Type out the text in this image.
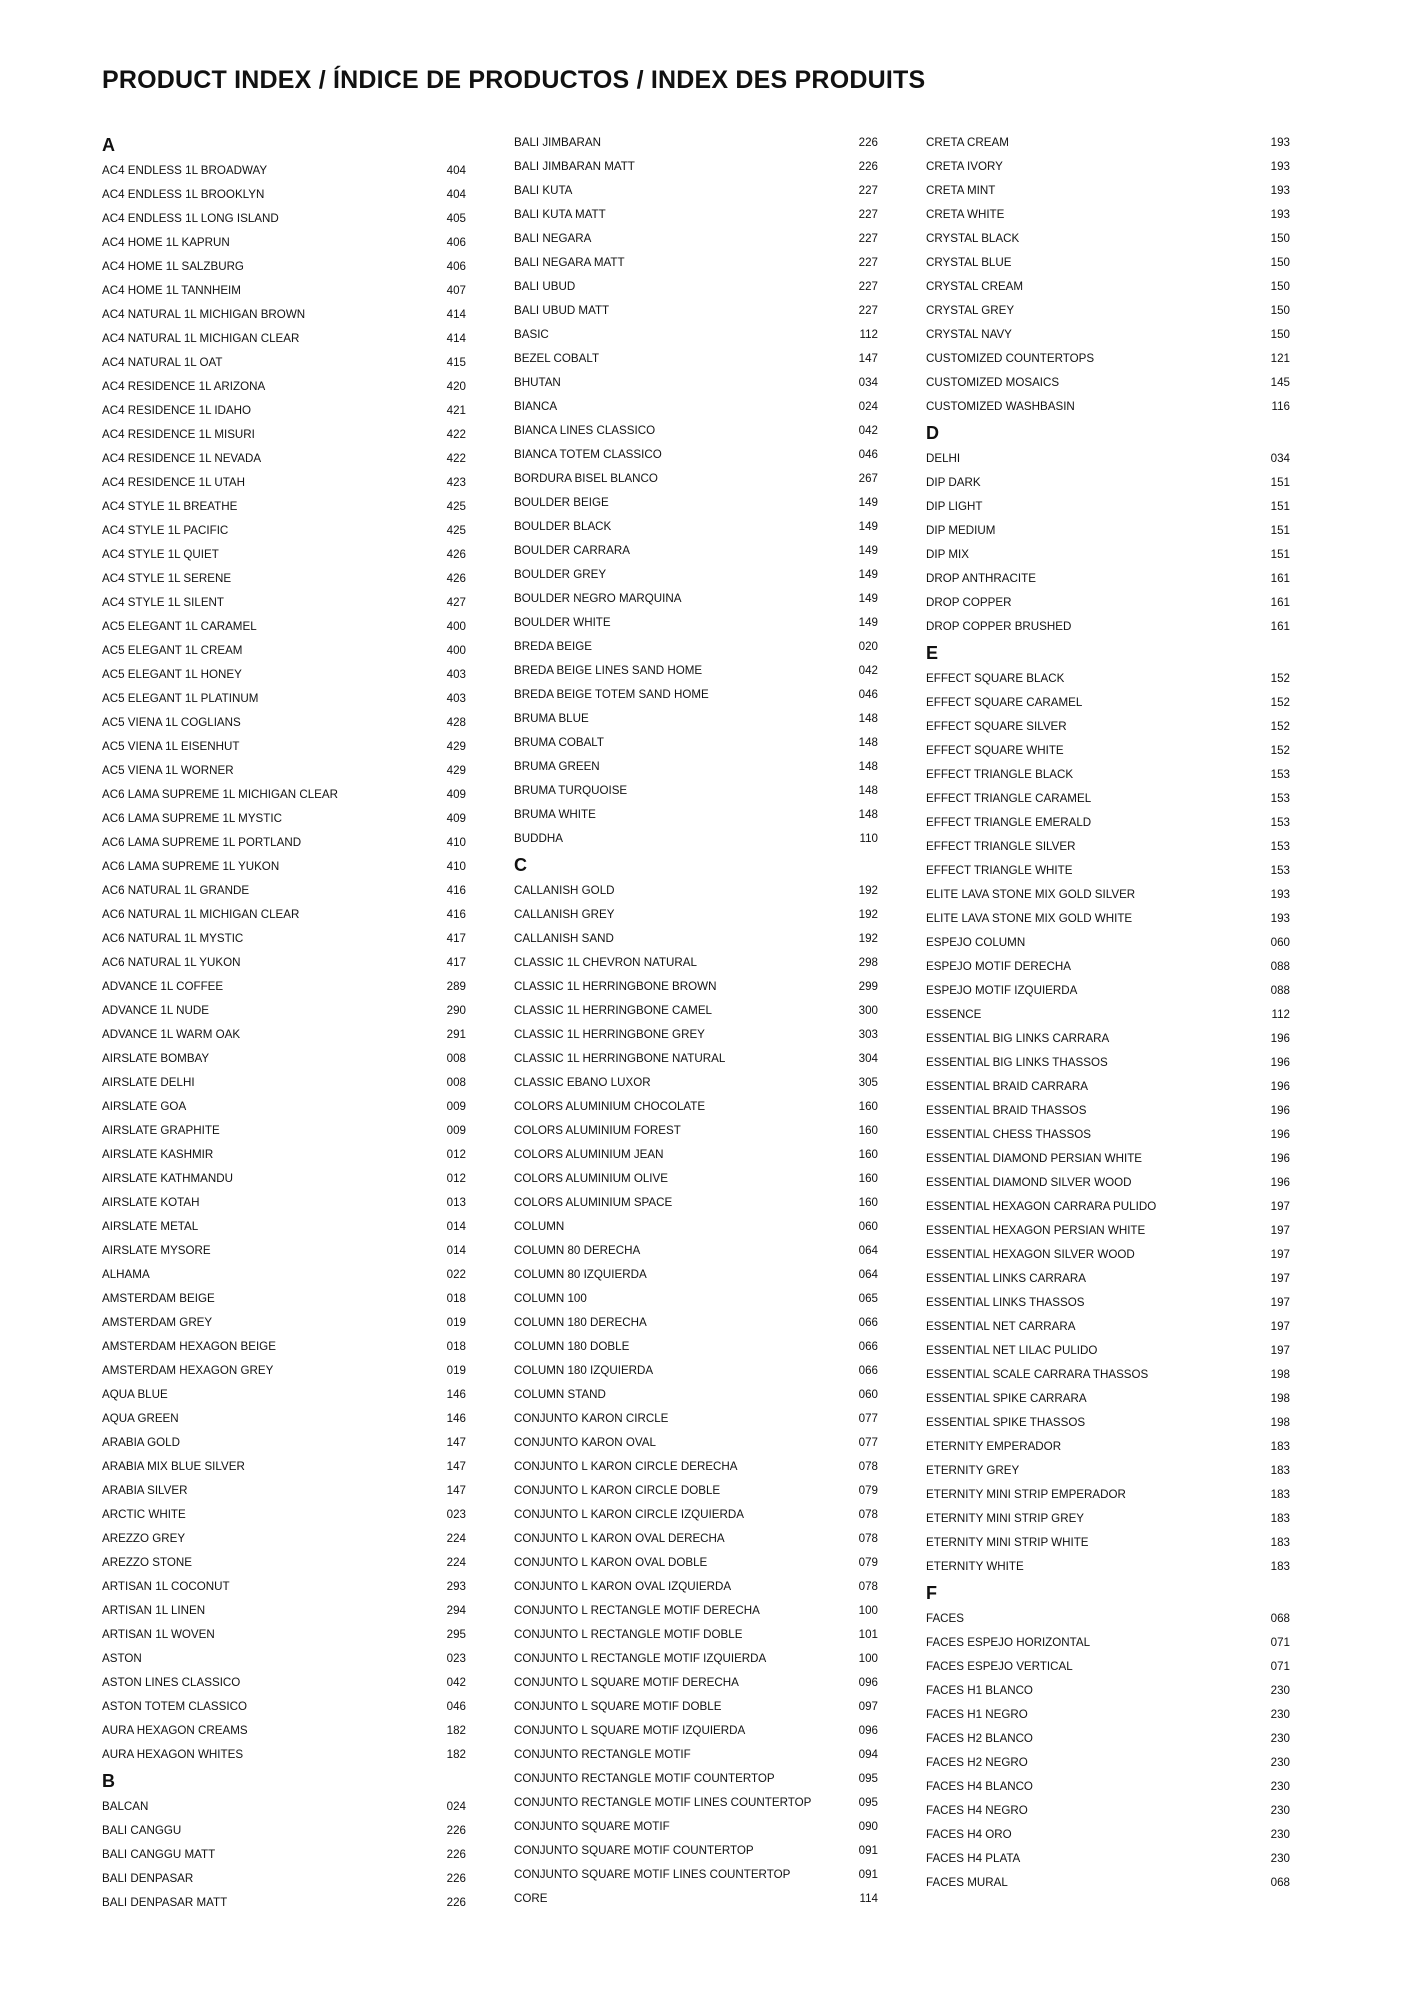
PRODUCT INDEX / ÍNDICE DE PRODUCTOS / INDEX DES PRODUITS
A
AC4 ENDLESS 1L BROADWAY	404
AC4 ENDLESS 1L BROOKLYN	404
AC4 ENDLESS 1L LONG ISLAND	405
AC4 HOME 1L KAPRUN	406
AC4 HOME 1L SALZBURG	406
AC4 HOME 1L TANNHEIM	407
AC4 NATURAL 1L MICHIGAN BROWN	414
AC4 NATURAL 1L MICHIGAN CLEAR	414
AC4 NATURAL 1L OAT	415
AC4 RESIDENCE 1L ARIZONA	420
AC4 RESIDENCE 1L IDAHO	421
AC4 RESIDENCE 1L MISURI	422
AC4 RESIDENCE 1L NEVADA	422
AC4 RESIDENCE 1L UTAH	423
AC4 STYLE 1L BREATHE	425
AC4 STYLE 1L PACIFIC	425
AC4 STYLE 1L QUIET	426
AC4 STYLE 1L SERENE	426
AC4 STYLE 1L SILENT	427
AC5 ELEGANT 1L CARAMEL	400
AC5 ELEGANT 1L CREAM	400
AC5 ELEGANT 1L HONEY	403
AC5 ELEGANT 1L PLATINUM	403
AC5 VIENA 1L COGLIANS	428
AC5 VIENA 1L EISENHUT	429
AC5 VIENA 1L WORNER	429
AC6 LAMA SUPREME 1L MICHIGAN CLEAR	409
AC6 LAMA SUPREME 1L MYSTIC	409
AC6 LAMA SUPREME 1L PORTLAND	410
AC6 LAMA SUPREME 1L YUKON	410
AC6 NATURAL 1L GRANDE	416
AC6 NATURAL 1L MICHIGAN CLEAR	416
AC6 NATURAL 1L MYSTIC	417
AC6 NATURAL 1L YUKON	417
ADVANCE 1L COFFEE	289
ADVANCE 1L NUDE	290
ADVANCE 1L WARM OAK	291
AIRSLATE BOMBAY	008
AIRSLATE DELHI	008
AIRSLATE GOA	009
AIRSLATE GRAPHITE	009
AIRSLATE KASHMIR	012
AIRSLATE KATHMANDU	012
AIRSLATE KOTAH	013
AIRSLATE METAL	014
AIRSLATE MYSORE	014
ALHAMA	022
AMSTERDAM BEIGE	018
AMSTERDAM GREY	019
AMSTERDAM HEXAGON BEIGE	018
AMSTERDAM HEXAGON GREY	019
AQUA BLUE	146
AQUA GREEN	146
ARABIA GOLD	147
ARABIA MIX BLUE SILVER	147
ARABIA SILVER	147
ARCTIC WHITE	023
AREZZO GREY	224
AREZZO STONE	224
ARTISAN 1L COCONUT	293
ARTISAN 1L LINEN	294
ARTISAN 1L WOVEN	295
ASTON	023
ASTON LINES CLASSICO	042
ASTON TOTEM CLASSICO	046
AURA HEXAGON CREAMS	182
AURA HEXAGON WHITES	182
B
BALCAN	024
BALI CANGGU	226
BALI CANGGU MATT	226
BALI DENPASAR	226
BALI DENPASAR MATT	226
BALI JIMBARAN	226
BALI JIMBARAN MATT	226
BALI KUTA	227
BALI KUTA MATT	227
BALI NEGARA	227
BALI NEGARA MATT	227
BALI UBUD	227
BALI UBUD MATT	227
BASIC	112
BEZEL COBALT	147
BHUTAN	034
BIANCA	024
BIANCA LINES CLASSICO	042
BIANCA TOTEM CLASSICO	046
BORDURA BISEL BLANCO	267
BOULDER BEIGE	149
BOULDER BLACK	149
BOULDER CARRARA	149
BOULDER GREY	149
BOULDER NEGRO MARQUINA	149
BOULDER WHITE	149
BREDA BEIGE	020
BREDA BEIGE LINES SAND HOME	042
BREDA BEIGE TOTEM SAND HOME	046
BRUMA BLUE	148
BRUMA COBALT	148
BRUMA GREEN	148
BRUMA TURQUOISE	148
BRUMA WHITE	148
BUDDHA	110
C
CALLANISH GOLD	192
CALLANISH GREY	192
CALLANISH SAND	192
CLASSIC 1L CHEVRON NATURAL	298
CLASSIC 1L HERRINGBONE BROWN	299
CLASSIC 1L HERRINGBONE CAMEL	300
CLASSIC 1L HERRINGBONE GREY	303
CLASSIC 1L HERRINGBONE NATURAL	304
CLASSIC EBANO LUXOR	305
COLORS ALUMINIUM CHOCOLATE	160
COLORS ALUMINIUM FOREST	160
COLORS ALUMINIUM JEAN	160
COLORS ALUMINIUM OLIVE	160
COLORS ALUMINIUM SPACE	160
COLUMN	060
COLUMN 80 DERECHA	064
COLUMN 80 IZQUIERDA	064
COLUMN 100	065
COLUMN 180 DERECHA	066
COLUMN 180 DOBLE	066
COLUMN 180 IZQUIERDA	066
COLUMN STAND	060
CONJUNTO KARON CIRCLE	077
CONJUNTO KARON OVAL	077
CONJUNTO L KARON CIRCLE DERECHA	078
CONJUNTO L KARON CIRCLE DOBLE	079
CONJUNTO L KARON CIRCLE IZQUIERDA	078
CONJUNTO L KARON OVAL DERECHA	078
CONJUNTO L KARON OVAL DOBLE	079
CONJUNTO L KARON OVAL IZQUIERDA	078
CONJUNTO L RECTANGLE MOTIF DERECHA	100
CONJUNTO L RECTANGLE MOTIF DOBLE	101
CONJUNTO L RECTANGLE MOTIF IZQUIERDA	100
CONJUNTO L SQUARE MOTIF DERECHA	096
CONJUNTO L SQUARE MOTIF DOBLE	097
CONJUNTO L SQUARE MOTIF IZQUIERDA	096
CONJUNTO RECTANGLE MOTIF	094
CONJUNTO RECTANGLE MOTIF COUNTERTOP	095
CONJUNTO RECTANGLE MOTIF LINES COUNTERTOP	095
CONJUNTO SQUARE MOTIF	090
CONJUNTO SQUARE MOTIF COUNTERTOP	091
CONJUNTO SQUARE MOTIF LINES COUNTERTOP	091
CORE	114
CRETA CREAM	193
CRETA IVORY	193
CRETA MINT	193
CRETA WHITE	193
CRYSTAL BLACK	150
CRYSTAL BLUE	150
CRYSTAL CREAM	150
CRYSTAL GREY	150
CRYSTAL NAVY	150
CUSTOMIZED COUNTERTOPS	121
CUSTOMIZED MOSAICS	145
CUSTOMIZED WASHBASIN	116
D
DELHI	034
DIP DARK	151
DIP LIGHT	151
DIP MEDIUM	151
DIP MIX	151
DROP ANTHRACITE	161
DROP COPPER	161
DROP COPPER BRUSHED	161
E
EFFECT SQUARE BLACK	152
EFFECT SQUARE CARAMEL	152
EFFECT SQUARE SILVER	152
EFFECT SQUARE WHITE	152
EFFECT TRIANGLE BLACK	153
EFFECT TRIANGLE CARAMEL	153
EFFECT TRIANGLE EMERALD	153
EFFECT TRIANGLE SILVER	153
EFFECT TRIANGLE WHITE	153
ELITE LAVA STONE MIX GOLD SILVER	193
ELITE LAVA STONE MIX GOLD WHITE	193
ESPEJO COLUMN	060
ESPEJO MOTIF DERECHA	088
ESPEJO MOTIF IZQUIERDA	088
ESSENCE	112
ESSENTIAL BIG LINKS CARRARA	196
ESSENTIAL BIG LINKS THASSOS	196
ESSENTIAL BRAID CARRARA	196
ESSENTIAL BRAID THASSOS	196
ESSENTIAL CHESS THASSOS	196
ESSENTIAL DIAMOND PERSIAN WHITE	196
ESSENTIAL DIAMOND SILVER WOOD	196
ESSENTIAL HEXAGON CARRARA PULIDO	197
ESSENTIAL HEXAGON PERSIAN WHITE	197
ESSENTIAL HEXAGON SILVER WOOD	197
ESSENTIAL LINKS CARRARA	197
ESSENTIAL LINKS THASSOS	197
ESSENTIAL NET CARRARA	197
ESSENTIAL NET LILAC PULIDO	197
ESSENTIAL SCALE CARRARA THASSOS	198
ESSENTIAL SPIKE CARRARA	198
ESSENTIAL SPIKE THASSOS	198
ETERNITY EMPERADOR	183
ETERNITY GREY	183
ETERNITY MINI STRIP EMPERADOR	183
ETERNITY MINI STRIP GREY	183
ETERNITY MINI STRIP WHITE	183
ETERNITY WHITE	183
F
FACES	068
FACES ESPEJO HORIZONTAL	071
FACES ESPEJO VERTICAL	071
FACES H1 BLANCO	230
FACES H1 NEGRO	230
FACES H2 BLANCO	230
FACES H2 NEGRO	230
FACES H4 BLANCO	230
FACES H4 NEGRO	230
FACES H4 ORO	230
FACES H4 PLATA	230
FACES MURAL	068
